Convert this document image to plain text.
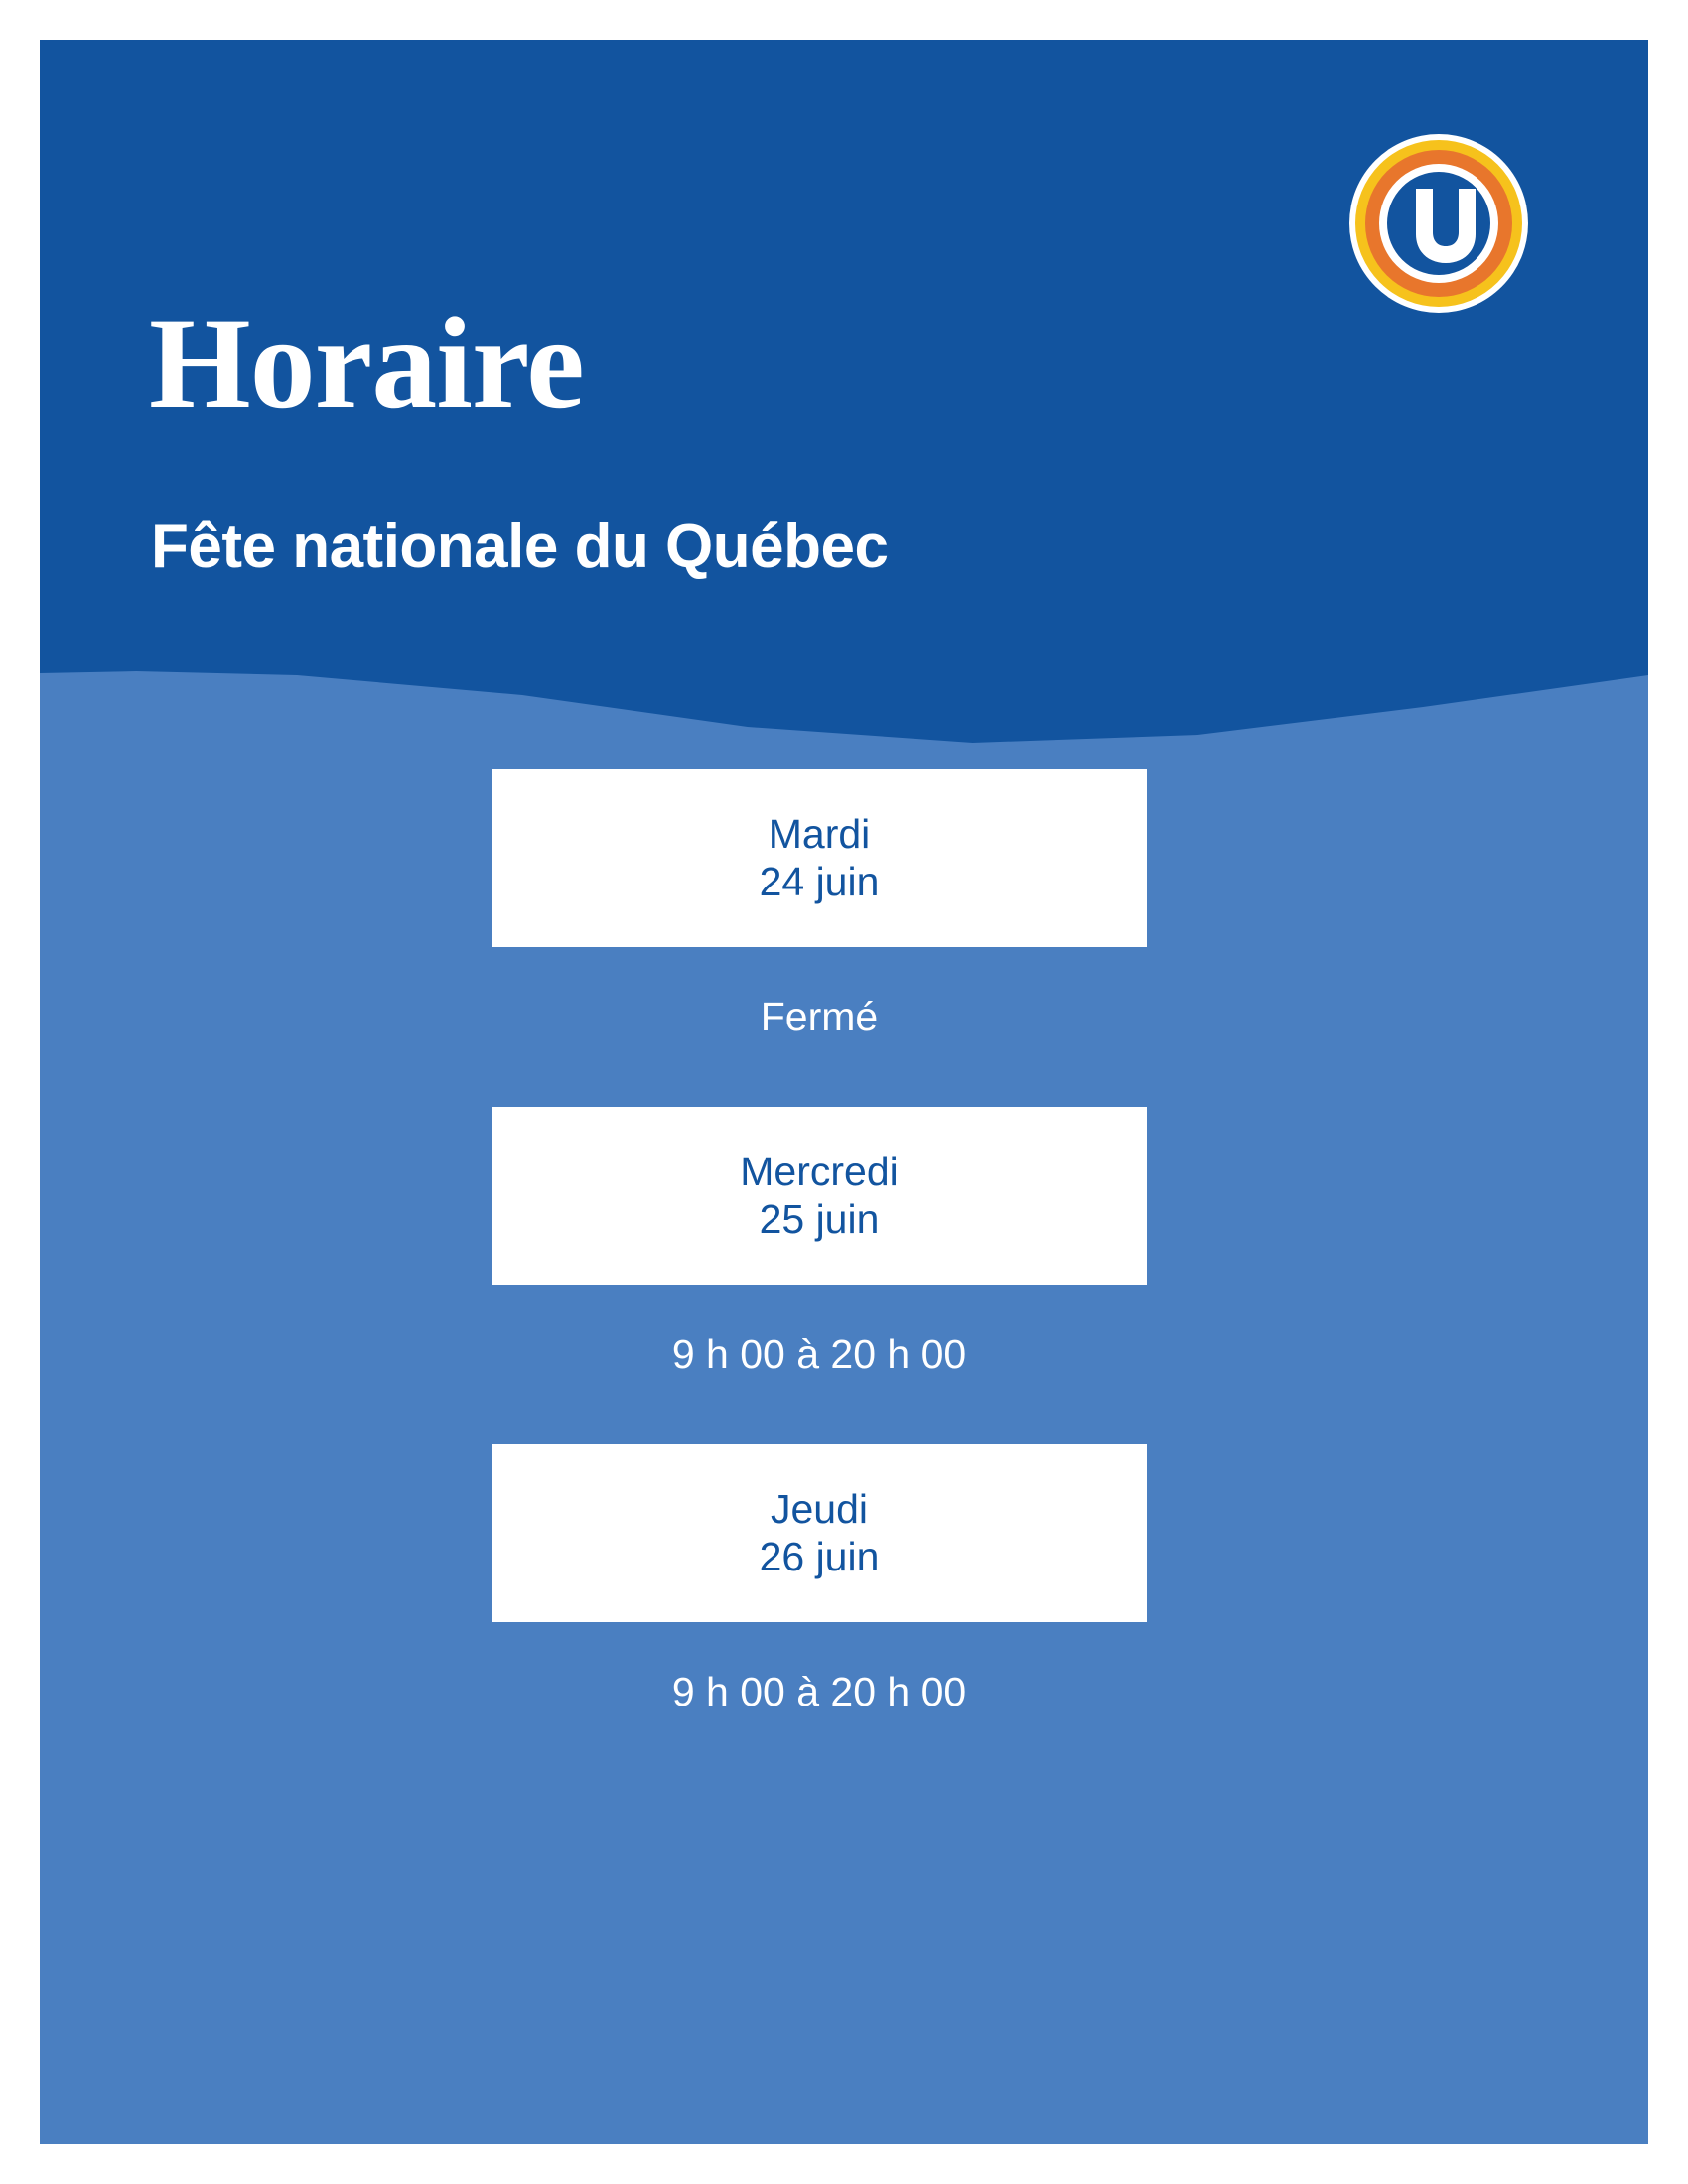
Horaire
Fête nationale du Québec
Mardi
24 juin
Fermé
Mercredi
25 juin
9 h 00 à 20 h 00
Jeudi
26 juin
9 h 00 à 20 h 00
